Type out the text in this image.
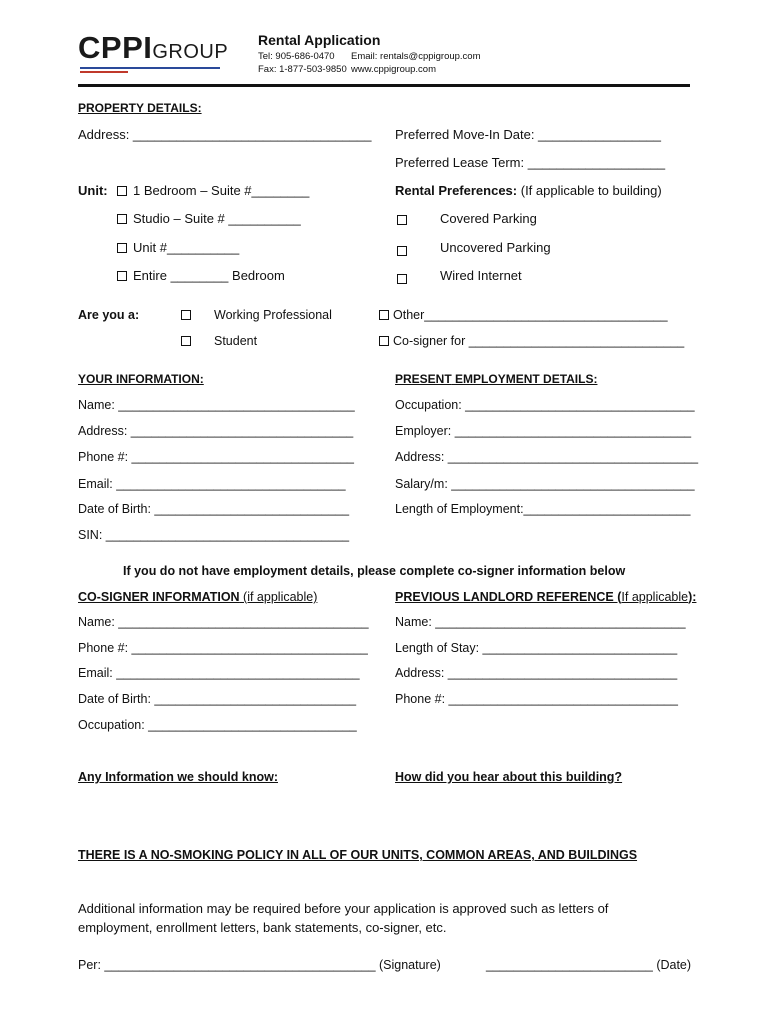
CPPIGROUP
Rental Application
Tel: 905-686-0470 Email: rentals@cppigroup.com
Fax: 1-877-503-9850 www.cppigroup.com
PROPERTY DETAILS:
Address: _________________________________ Preferred Move-In Date: _________________
Preferred Lease Term: ___________________
Unit:	1 Bedroom – Suite #________
Studio – Suite # __________
Unit #__________
Entire ________ Bedroom
Rental Preferences: (If applicable to building)
Covered Parking
Uncovered Parking
Wired Internet
Are you a:	Working Professional
Student
Other___________________________________
Co-signer for _______________________________
YOUR INFORMATION:
Name: __________________________________
Address: ________________________________
Phone #: ________________________________
Email: _________________________________
Date of Birth: ____________________________
SIN: ___________________________________
PRESENT EMPLOYMENT DETAILS:
Occupation: _________________________________
Employer: __________________________________
Address: ____________________________________
Salary/m: ___________________________________
Length of Employment:________________________
If you do not have employment details, please complete co-signer information below
CO-SIGNER INFORMATION (if applicable)
Name: ____________________________________
Phone #: __________________________________
Email: ___________________________________
Date of Birth: _____________________________
Occupation: ______________________________
PREVIOUS LANDLORD REFERENCE (If applicable):
Name: ____________________________________
Length of Stay: ____________________________
Address: _________________________________
Phone #: _________________________________
Any Information we should know:	How did you hear about this building?
THERE IS A NO-SMOKING POLICY IN ALL OF OUR UNITS, COMMON AREAS, AND BUILDINGS
Additional information may be required before your application is approved such as letters of
employment, enrollment letters, bank statements, co-signer, etc.
Per: _______________________________________ (Signature)	________________________ (Date)
